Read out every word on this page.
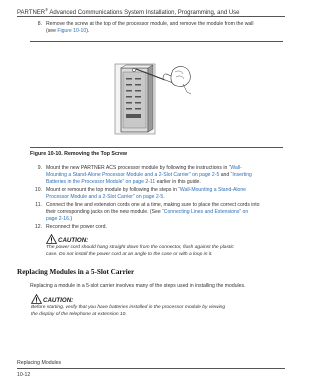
PARTNER® Advanced Communications System Installation, Programming, and Use
8. Remove the screw at the top of the processor module, and remove the module from the wall
(see Figure 10-10).
Figure 10-10. Removing the Top Screw
9. Mount the new PARTNER ACS processor module by following the instructions in “Wall-
Mounting a Stand-Alone Processor Module and a 2-Slot Carrier” on page 2-5 and “Inserting
Batteries in the Processor Module” on page 2-11 earlier in this guide.
10. Mount or remount the top module by following the steps in “Wall-Mounting a Stand-Alone
Processor Module and a 2-Slot Carrier” on page 2-5.
11. Connect the line and extension cords one at a time, making sure to place the correct cords into
their corresponding jacks on the new module. (See “Connecting Lines and Extensions” on
page 2-16.)
12. Reconnect the power cord.
CAUTION:
The power cord should hang straight down from the connector, flush against the plastic
case. Do not install the power cord at an angle to the case or with a loop in it.
Replacing Modules in a 5-Slot Carrier
Replacing a module in a 5-slot carrier involves many of the steps used in installing the modules.
CAUTION:
Before starting, verify that you have batteries installed in the processor module by viewing
the display of the telephone at extension 10.
Replacing Modules
10-12
